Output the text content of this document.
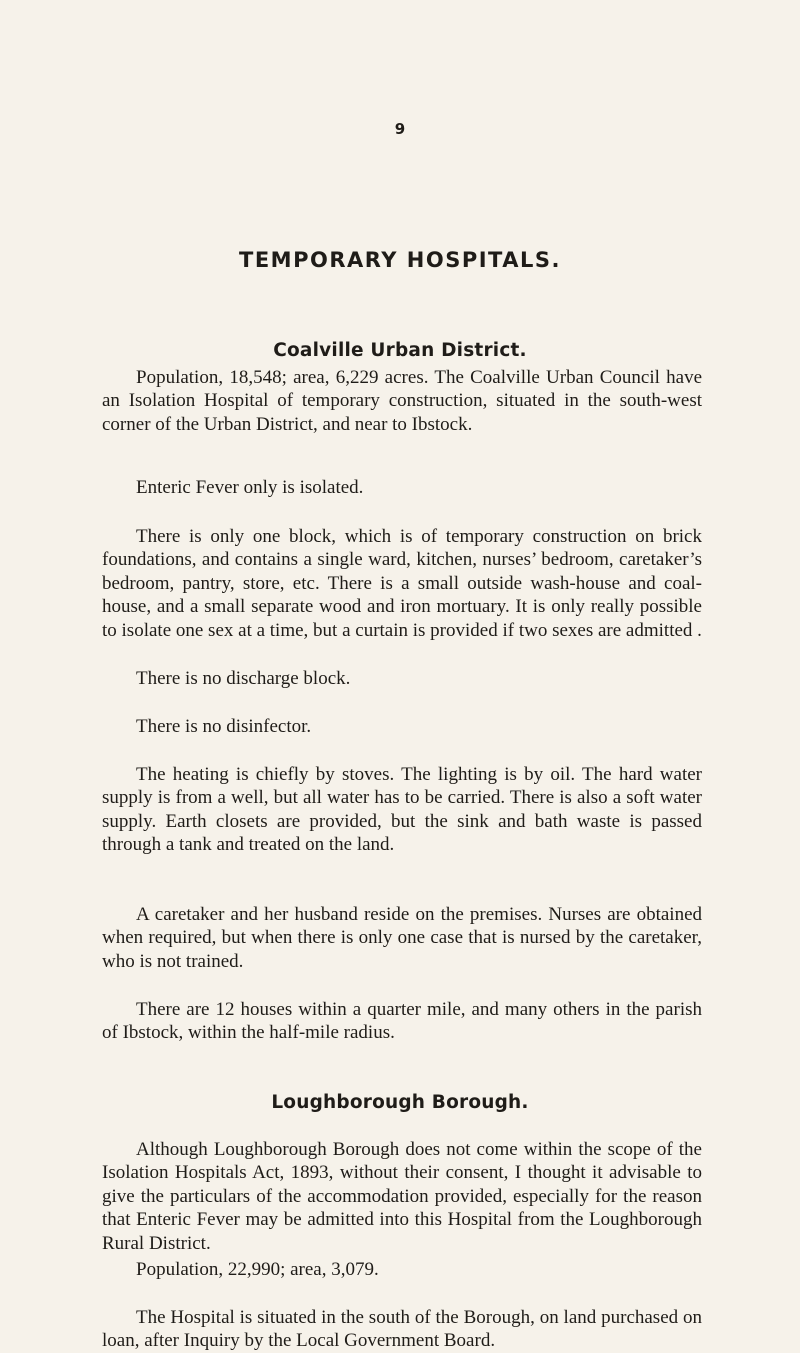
9
TEMPORARY HOSPITALS.
Coalville Urban District.

Population, 18,548; area, 6,229 acres. The Coalville Urban Council have an Isolation Hospital of temporary construction, situated in the south-west corner of the Urban District, and near to Ibstock.

Enteric Fever only is isolated.

There is only one block, which is of temporary construction on brick foundations, and contains a single ward, kitchen, nurses’ bedroom, caretaker’s bedroom, pantry, store, etc. There is a small outside wash-house and coal-house, and a small separate wood and iron mortuary. It is only really possible to isolate one sex at a time, but a curtain is provided if two sexes are admitted .

There is no discharge block.

There is no disinfector.

The heating is chiefly by stoves. The lighting is by oil. The hard water supply is from a well, but all water has to be carried. There is also a soft water supply. Earth closets are provided, but the sink and bath waste is passed through a tank and treated on the land.

A caretaker and her husband reside on the premises. Nurses are obtained when required, but when there is only one case that is nursed by the caretaker, who is not trained.

There are 12 houses within a quarter mile, and many others in the parish of Ibstock, within the half-mile radius.

Loughborough Borough.

Although Loughborough Borough does not come within the scope of the Isolation Hospitals Act, 1893, without their consent, I thought it advisable to give the particulars of the accommodation provided, especially for the reason that Enteric Fever may be admitted into this Hospital from the Loughborough Rural District.

Population, 22,990; area, 3,079.

The Hospital is situated in the south of the Borough, on land purchased on loan, after Inquiry by the Local Government Board.
